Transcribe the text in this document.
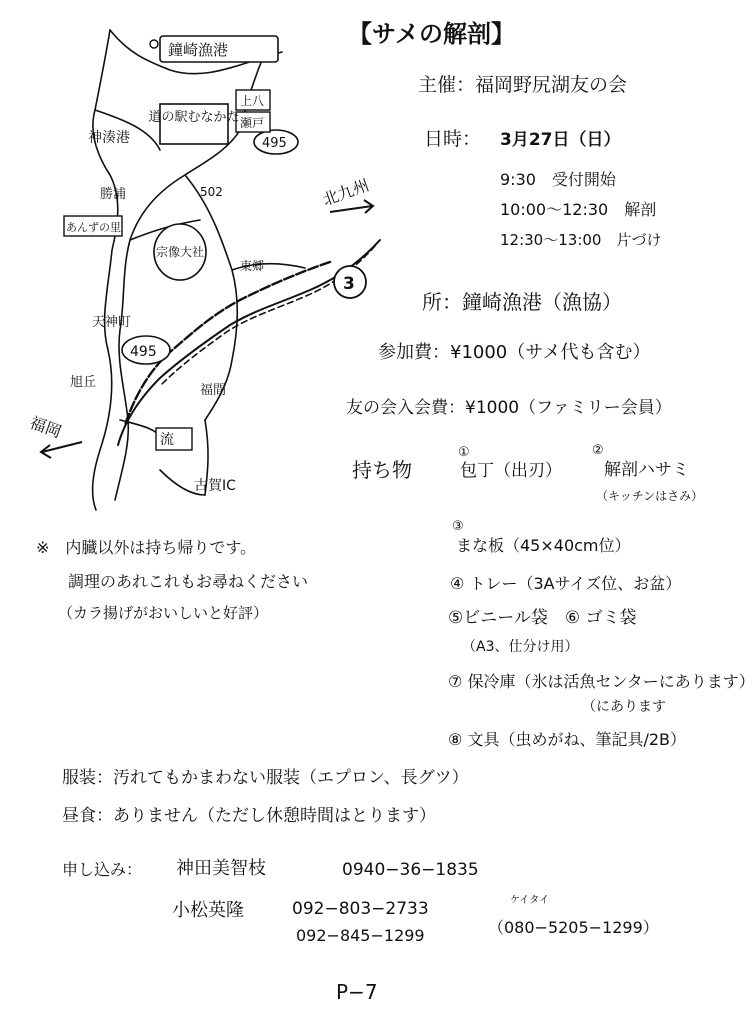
鐘崎漁港
道の駅むなかた
上八
瀬戸
495
神湊港
勝浦	502
あんずの里
宗像大社
北九州
東郷
3
天神町
495
旭丘
福間
福岡	流
古賀IC
【サメの解剖】
主催：福岡野尻湖友の会
日時： 3月27日（日）
9:30　受付開始
10:00〜12:30　解剖
12:30〜13:00　片づけ
所：鐘崎漁港（漁協）
参加費：¥1000（サメ代も含む）
友の会入会費：¥1000（ファミリー会員）
持ち物
①
包丁（出刃）
②
解剖ハサミ
（キッチンはさみ）
③
まな板（45×40cm位）
④ トレー（3Aサイズ位、お盆）
⑤ビニール袋　 ⑥ ゴミ袋
（A3、仕分け用）
⑦ 保冷庫（氷は活魚センターにあります）
（にあります
⑧ 文具（虫めがね、筆記具/2B）
※　内臓以外は持ち帰りです。
調理のあれこれもお尋ねください
（カラ揚げがおいしいと好評）
服装：汚れてもかまわない服装（エプロン、長グツ）
昼食：ありません（ただし休憩時間はとります）
申し込み： 神田美智枝	0940−36−1835
小松英隆	092−803−2733
092−845−1299
ケイタイ
（080−5205−1299）
P−7
